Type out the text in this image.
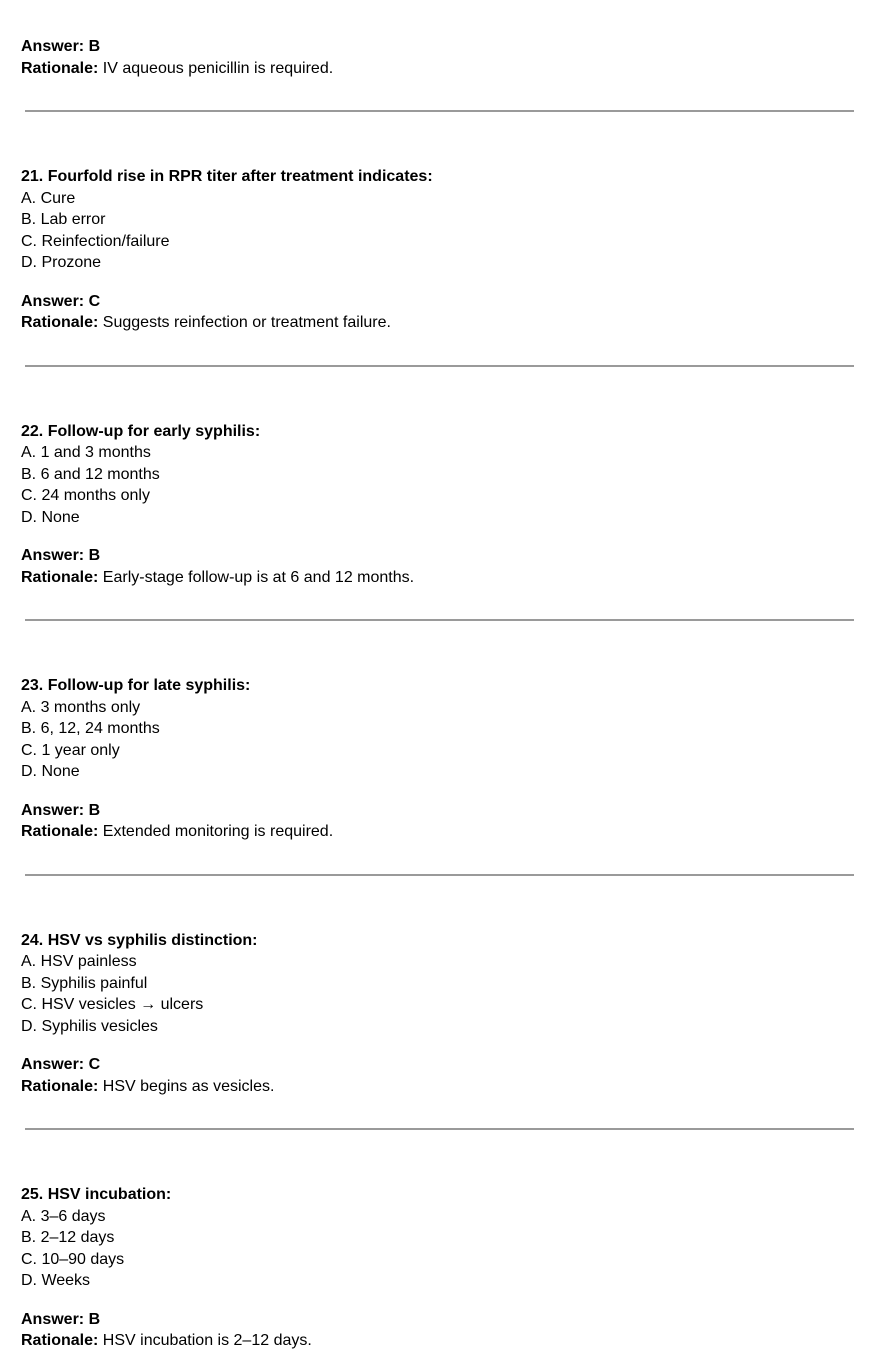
Answer: B
Rationale: IV aqueous penicillin is required.
21. Fourfold rise in RPR titer after treatment indicates:
A. Cure
B. Lab error
C. Reinfection/failure
D. Prozone
Answer: C
Rationale: Suggests reinfection or treatment failure.
22. Follow-up for early syphilis:
A. 1 and 3 months
B. 6 and 12 months
C. 24 months only
D. None
Answer: B
Rationale: Early-stage follow-up is at 6 and 12 months.
23. Follow-up for late syphilis:
A. 3 months only
B. 6, 12, 24 months
C. 1 year only
D. None
Answer: B
Rationale: Extended monitoring is required.
24. HSV vs syphilis distinction:
A. HSV painless
B. Syphilis painful
C. HSV vesicles → ulcers
D. Syphilis vesicles
Answer: C
Rationale: HSV begins as vesicles.
25. HSV incubation:
A. 3–6 days
B. 2–12 days
C. 10–90 days
D. Weeks
Answer: B
Rationale: HSV incubation is 2–12 days.
